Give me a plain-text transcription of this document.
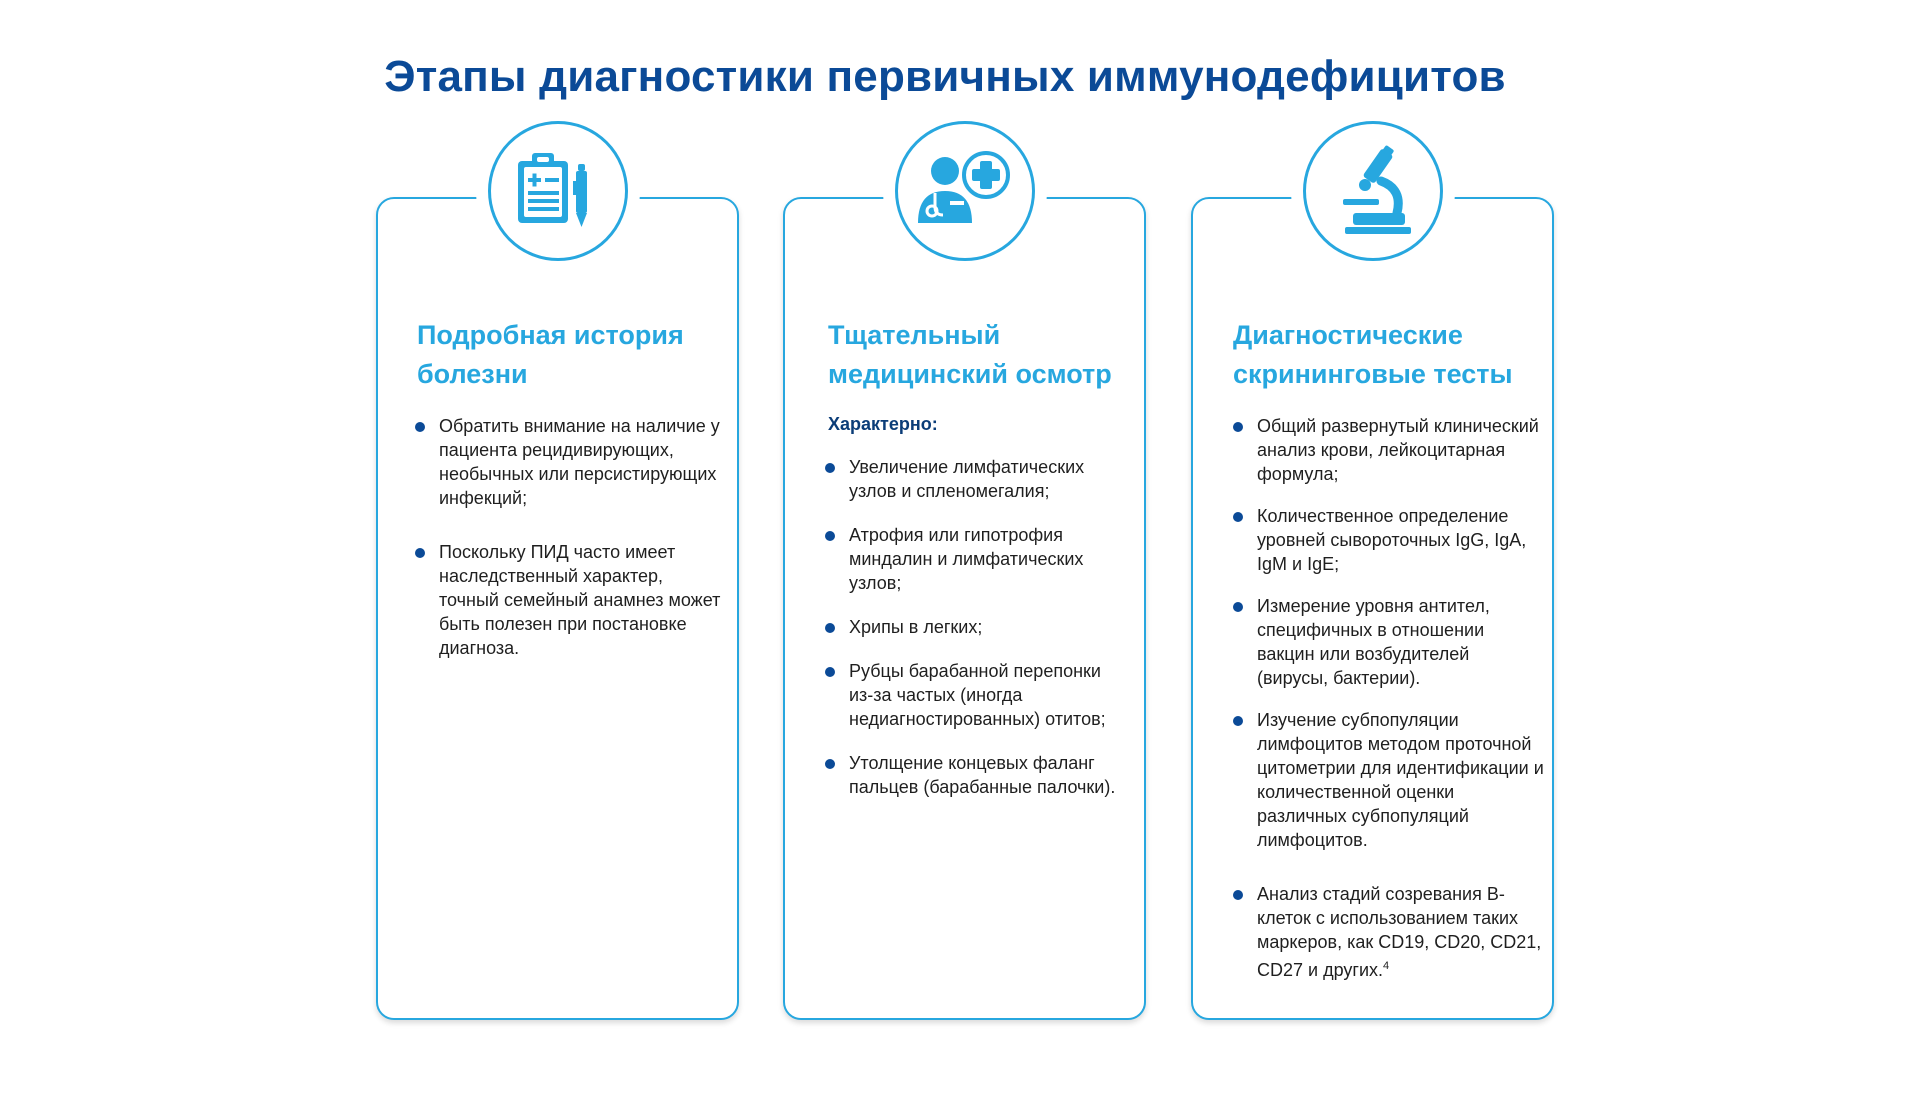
Этапы диагностики первичных иммунодефицитов
Подробная история
болезни
Обратить внимание на наличие у пациента рецидивирующих, необычных или персистирующих инфекций;
Поскольку ПИД часто имеет наследственный характер, точный семейный анамнез может быть полезен при постановке диагноза.
Тщательный
медицинский осмотр
Характерно:
Увеличение лимфатических узлов и спленомегалия;
Атрофия или гипотрофия миндалин и лимфатических узлов;
Хрипы в легких;
Рубцы барабанной перепонки из-за частых (иногда недиагностированных) отитов;
Утолщение концевых фаланг пальцев (барабанные палочки).
Диагностические
скрининговые тесты
Общий развернутый клинический анализ крови, лейкоцитарная формула;
Количественное определение уровней сывороточных IgG, IgA, IgM и IgE;
Измерение уровня антител, специфичных в отношении вакцин или возбудителей (вирусы, бактерии).
Изучение субпопуляции лимфоцитов методом проточной цитометрии для идентификации и количественной оценки различных субпопуляций лимфоцитов.
Анализ стадий созревания В-клеток с использованием таких маркеров, как CD19, CD20, CD21, CD27 и других.$^4$
